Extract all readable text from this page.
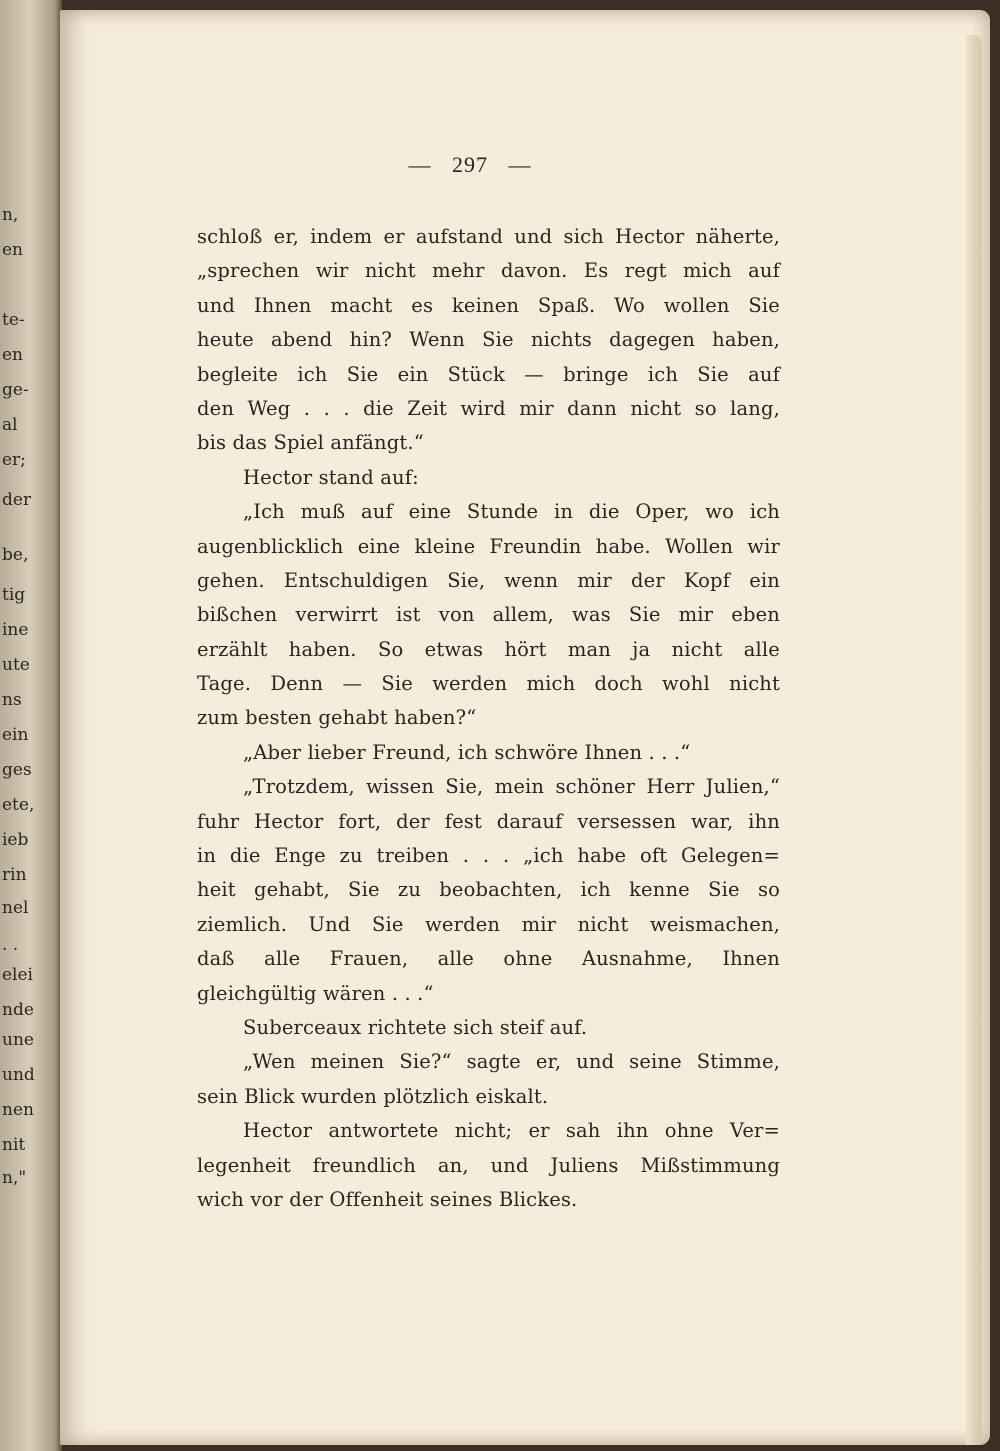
n,
en
te-
en
ge-
al
er;
der
be,
tig
ine
ute
ns
ein
ges
ete,
ieb
rin
nel
. .
elei
nde
une
und
nen
nit
n,"
— 297 —
schloß er, indem er aufstand und sich Hector näherte,
„sprechen wir nicht mehr davon. Es regt mich auf
und Ihnen macht es keinen Spaß. Wo wollen Sie
heute abend hin? Wenn Sie nichts dagegen haben,
begleite ich Sie ein Stück — bringe ich Sie auf
den Weg . . . die Zeit wird mir dann nicht so lang,
bis das Spiel anfängt.“
Hector stand auf:
„Ich muß auf eine Stunde in die Oper, wo ich
augenblicklich eine kleine Freundin habe. Wollen wir
gehen. Entschuldigen Sie, wenn mir der Kopf ein
bißchen verwirrt ist von allem, was Sie mir eben
erzählt haben. So etwas hört man ja nicht alle
Tage. Denn — Sie werden mich doch wohl nicht
zum besten gehabt haben?“
„Aber lieber Freund, ich schwöre Ihnen . . .“
„Trotzdem, wissen Sie, mein schöner Herr Julien,“
fuhr Hector fort, der fest darauf versessen war, ihn
in die Enge zu treiben . . . „ich habe oft Gelegen=
heit gehabt, Sie zu beobachten, ich kenne Sie so
ziemlich. Und Sie werden mir nicht weismachen,
daß alle Frauen, alle ohne Ausnahme, Ihnen
gleichgültig wären . . .“
Suberceaux richtete sich steif auf.
„Wen meinen Sie?“ sagte er, und seine Stimme,
sein Blick wurden plötzlich eiskalt.
Hector antwortete nicht; er sah ihn ohne Ver=
legenheit freundlich an, und Juliens Mißstimmung
wich vor der Offenheit seines Blickes.
